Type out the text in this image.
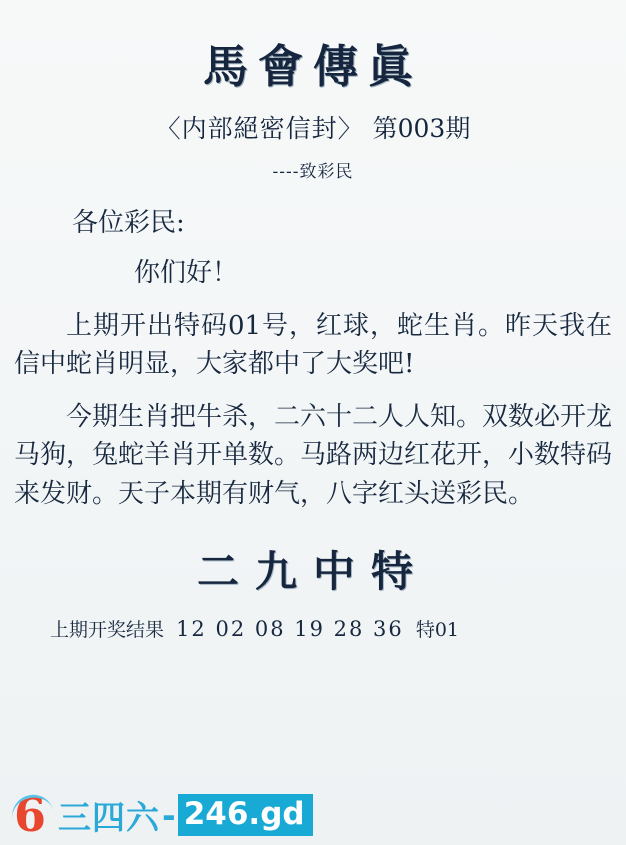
馬會傳眞
〈内部絕密信封〉 第003期
----致彩民
各位彩民:
你们好！
上期开出特码01号，红球，蛇生肖。昨天我在信中蛇肖明显，大家都中了大奖吧!
今期生肖把牛杀，二六十二人人知。双数必开龙马狗，兔蛇羊肖开单数。马路两边红花开，小数特码来发财。天子本期有财气，八字红头送彩民。
二九中特
上期开奖结果 12 02 08 19 28 36 特01
6 三四六 - 246.gd
